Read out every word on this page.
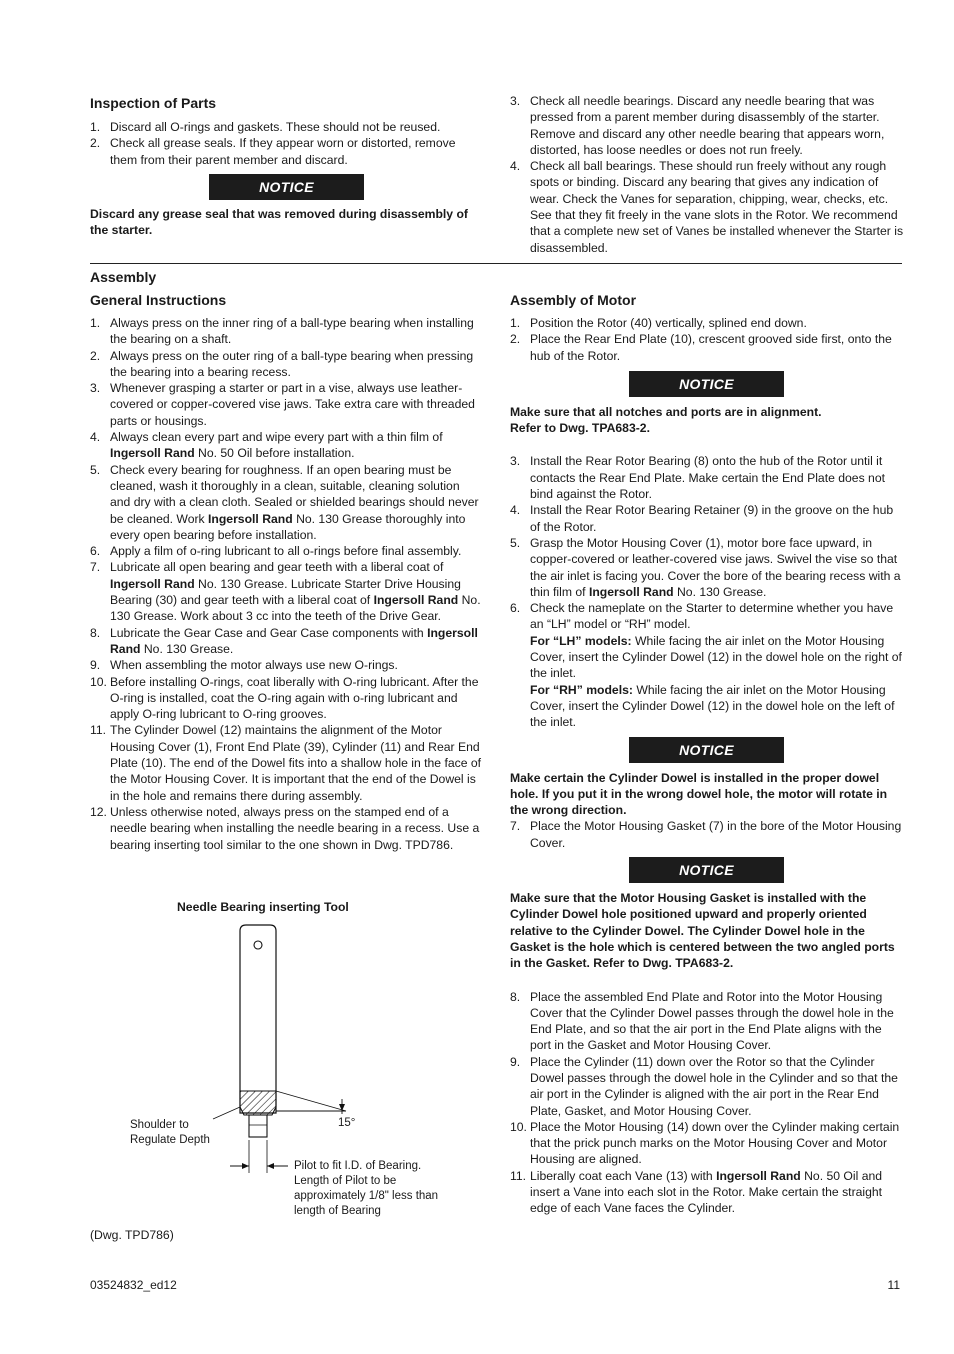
Inspection of Parts
1. Discard all O-rings and gaskets. These should not be reused.
2. Check all grease seals. If they appear worn or distorted, remove them from their parent member and discard.
NOTICE
Discard any grease seal that was removed during disassembly of the starter.
3. Check all needle bearings. Discard any needle bearing that was pressed from a parent member during disassembly of the starter. Remove and discard any other needle bearing that appears worn, distorted, has loose needles or does not run freely.
4. Check all ball bearings. These should run freely without any rough spots or binding. Discard any bearing that gives any indication of wear. Check the Vanes for separation, chipping, wear, checks, etc. See that they fit freely in the vane slots in the Rotor. We recommend that a complete new set of Vanes be installed whenever the Starter is disassembled.
Assembly
General Instructions
1. Always press on the inner ring of a ball-type bearing when installing the bearing on a shaft.
2. Always press on the outer ring of a ball-type bearing when pressing the bearing into a bearing recess.
3. Whenever grasping a starter or part in a vise, always use leather-covered or copper-covered vise jaws. Take extra care with threaded parts or housings.
4. Always clean every part and wipe every part with a thin film of Ingersoll Rand No. 50 Oil before installation.
5. Check every bearing for roughness. If an open bearing must be cleaned, wash it thoroughly in a clean, suitable, cleaning solution and dry with a clean cloth. Sealed or shielded bearings should never be cleaned. Work Ingersoll Rand No. 130 Grease thoroughly into every open bearing before installation.
6. Apply a film of o-ring lubricant to all o-rings before final assembly.
7. Lubricate all open bearing and gear teeth with a liberal coat of Ingersoll Rand No. 130 Grease. Lubricate Starter Drive Housing Bearing (30) and gear teeth with a liberal coat of Ingersoll Rand No. 130 Grease. Work about 3 cc into the teeth of the Drive Gear.
8. Lubricate the Gear Case and Gear Case components with Ingersoll Rand No. 130 Grease.
9. When assembling the motor always use new O-rings.
10. Before installing O-rings, coat liberally with O-ring lubricant. After the O-ring is installed, coat the O-ring again with o-ring lubricant and apply O-ring lubricant to O-ring grooves.
11. The Cylinder Dowel (12) maintains the alignment of the Motor Housing Cover (1), Front End Plate (39), Cylinder (11) and Rear End Plate (10). The end of the Dowel fits into a shallow hole in the face of the Motor Housing Cover. It is important that the end of the Dowel is in the hole and remains there during assembly.
12. Unless otherwise noted, always press on the stamped end of a needle bearing when installing the needle bearing in a recess. Use a bearing inserting tool similar to the one shown in Dwg. TPD786.
Needle Bearing inserting Tool
15°
Shoulder to
Regulate Depth
Pilot to fit I.D. of Bearing.
Length of Pilot to be
approximately 1/8" less than
length of Bearing
(Dwg. TPD786)
Assembly of Motor
1. Position the Rotor (40) vertically, splined end down.
2. Place the Rear End Plate (10), crescent grooved side first, onto the hub of the Rotor.
NOTICE
Make sure that all notches and ports are in alignment.
Refer to Dwg. TPA683-2.
3. Install the Rear Rotor Bearing (8) onto the hub of the Rotor until it contacts the Rear End Plate. Make certain the End Plate does not bind against the Rotor.
4. Install the Rear Rotor Bearing Retainer (9) in the groove on the hub of the Rotor.
5. Grasp the Motor Housing Cover (1), motor bore face upward, in copper-covered or leather-covered vise jaws. Swivel the vise so that the air inlet is facing you. Cover the bore of the bearing recess with a thin film of Ingersoll Rand No. 130 Grease.
6. Check the nameplate on the Starter to determine whether you have an “LH” model or “RH” model.
For “LH” models: While facing the air inlet on the Motor Housing Cover, insert the Cylinder Dowel (12) in the dowel hole on the right of the inlet.
For “RH” models: While facing the air inlet on the Motor Housing Cover, insert the Cylinder Dowel (12) in the dowel hole on the left of the inlet.
NOTICE
Make certain the Cylinder Dowel is installed in the proper dowel hole. If you put it in the wrong dowel hole, the motor will rotate in the wrong direction.
7. Place the Motor Housing Gasket (7) in the bore of the Motor Housing Cover.
NOTICE
Make sure that the Motor Housing Gasket is installed with the Cylinder Dowel hole positioned upward and properly oriented relative to the Cylinder Dowel. The Cylinder Dowel hole in the Gasket is the hole which is centered between the two angled ports in the Gasket. Refer to Dwg. TPA683-2.
8. Place the assembled End Plate and Rotor into the Motor Housing Cover that the Cylinder Dowel passes through the dowel hole in the End Plate, and so that the air port in the End Plate aligns with the port in the Gasket and Motor Housing Cover.
9. Place the Cylinder (11) down over the Rotor so that the Cylinder Dowel passes through the dowel hole in the Cylinder and so that the air port in the Cylinder is aligned with the air port in the Rear End Plate, Gasket, and Motor Housing Cover.
10. Place the Motor Housing (14) down over the Cylinder making certain that the prick punch marks on the Motor Housing Cover and Motor Housing are aligned.
11. Liberally coat each Vane (13) with Ingersoll Rand No. 50 Oil and insert a Vane into each slot in the Rotor. Make certain the straight edge of each Vane faces the Cylinder.
03524832_ed12	11
